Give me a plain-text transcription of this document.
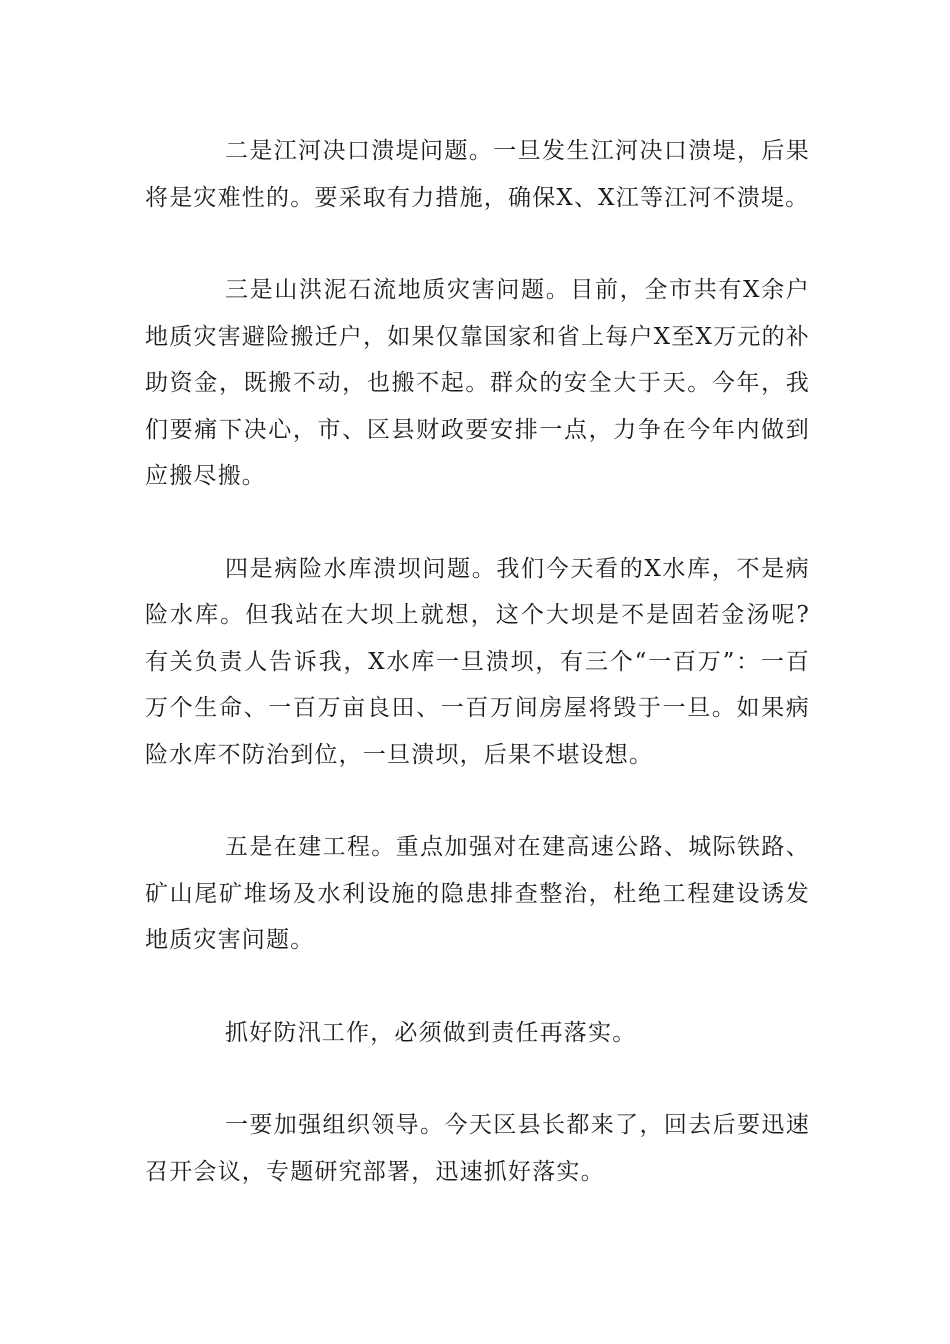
二是江河决口溃堤问题。一旦发生江河决口溃堤，后果将是灾难性的。要采取有力措施，确保X、X江等江河不溃堤。

三是山洪泥石流地质灾害问题。目前，全市共有X余户地质灾害避险搬迁户，如果仅靠国家和省上每户X至X万元的补助资金，既搬不动，也搬不起。群众的安全大于天。今年，我们要痛下决心，市、区县财政要安排一点，力争在今年内做到应搬尽搬。

四是病险水库溃坝问题。我们今天看的X水库，不是病险水库。但我站在大坝上就想，这个大坝是不是固若金汤呢?有关负责人告诉我，X水库一旦溃坝，有三个“一百万”：一百万个生命、一百万亩良田、一百万间房屋将毁于一旦。如果病险水库不防治到位，一旦溃坝，后果不堪设想。

五是在建工程。重点加强对在建高速公路、城际铁路、矿山尾矿堆场及水利设施的隐患排查整治，杜绝工程建设诱发地质灾害问题。

抓好防汛工作，必须做到责任再落实。

一要加强组织领导。今天区县长都来了，回去后要迅速召开会议，专题研究部署，迅速抓好落实。
